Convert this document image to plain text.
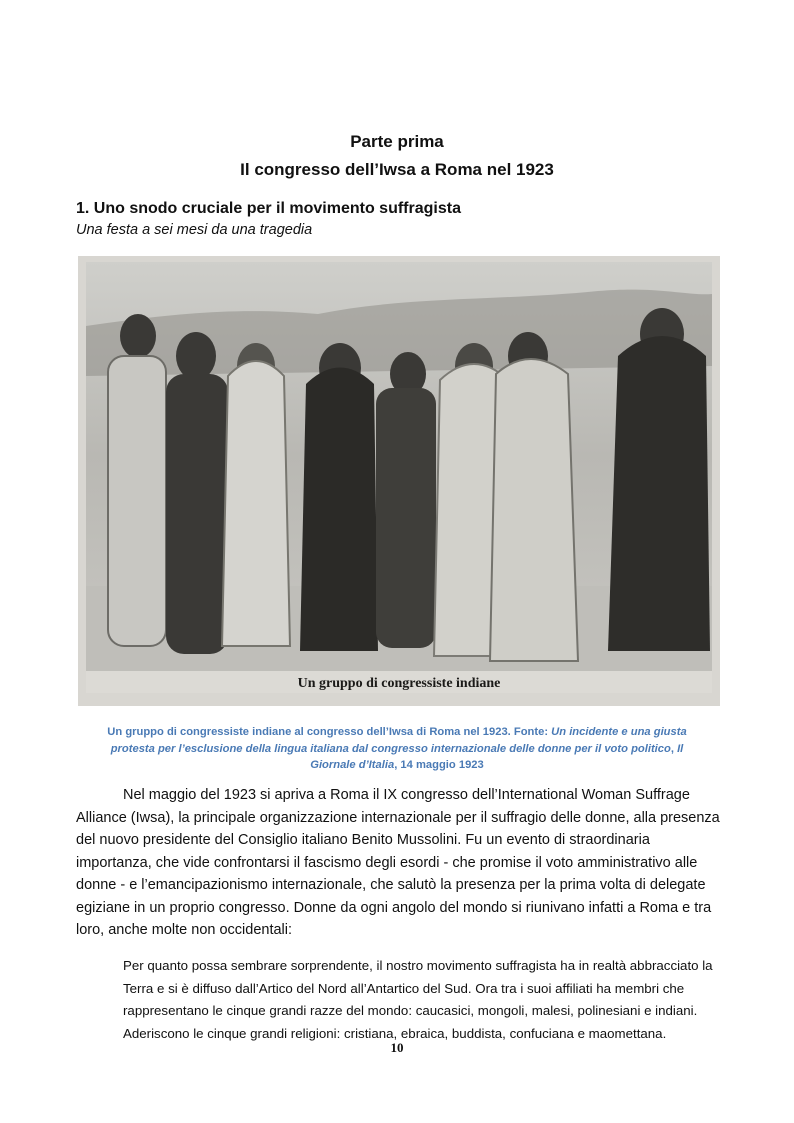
Parte prima
Il congresso dell’Iwsa a Roma nel 1923
1. Uno snodo cruciale per il movimento suffragista
Una festa a sei mesi da una tragedia
Un gruppo di congressiste indiane
Un gruppo di congressiste indiane al congresso dell’Iwsa di Roma nel 1923. Fonte: Un incidente e una giusta protesta per l’esclusione della lingua italiana dal congresso internazionale delle donne per il voto politico, Il Giornale d’Italia, 14 maggio 1923

Nel maggio del 1923 si apriva a Roma il IX congresso dell’International Woman Suffrage Alliance (Iwsa), la principale organizzazione internazionale per il suffragio delle donne, alla presenza del nuovo presidente del Consiglio italiano Benito Mussolini. Fu un evento di straordinaria importanza, che vide confrontarsi il fascismo degli esordi - che promise il voto amministrativo alle donne - e l’emancipazionismo internazionale, che salutò la presenza per la prima volta di delegate egiziane in un proprio congresso. Donne da ogni angolo del mondo si riunivano infatti a Roma e tra loro, anche molte non occidentali:

Per quanto possa sembrare sorprendente, il nostro movimento suffragista ha in realtà abbracciato la Terra e si è diffuso dall’Artico del Nord all’Antartico del Sud. Ora tra i suoi affiliati ha membri che rappresentano le cinque grandi razze del mondo: caucasici, mongoli, malesi, polinesiani e indiani. Aderiscono le cinque grandi religioni: cristiana, ebraica, buddista, confuciana e maomettana.
10
